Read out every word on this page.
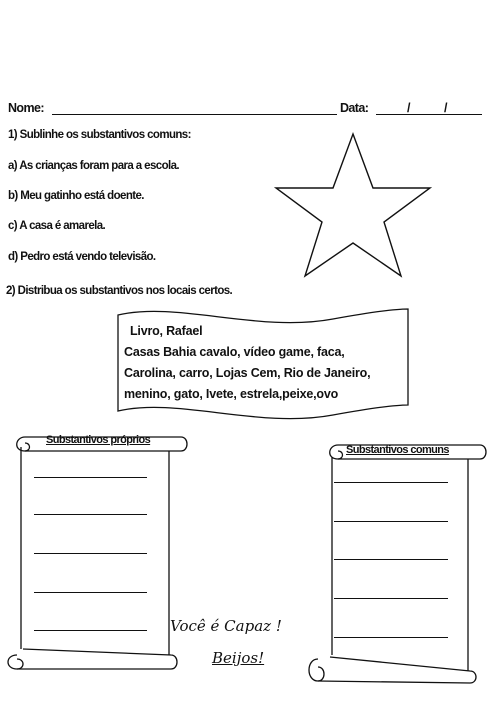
Nome:	Data:	/	/
1) Sublinhe os substantivos comuns:
a) As crianças foram para a escola.
b) Meu gatinho está doente.
c) A casa é amarela.
d) Pedro está vendo televisão.
2) Distribua os substantivos nos locais certos.
Livro, Rafael
Casas Bahia cavalo, vídeo game, faca,
Carolina, carro, Lojas Cem, Rio de Janeiro,
menino, gato, Ivete, estrela,peixe,ovo
Substantivos próprios
Substantivos comuns
Você é Capaz !
Beijos!
